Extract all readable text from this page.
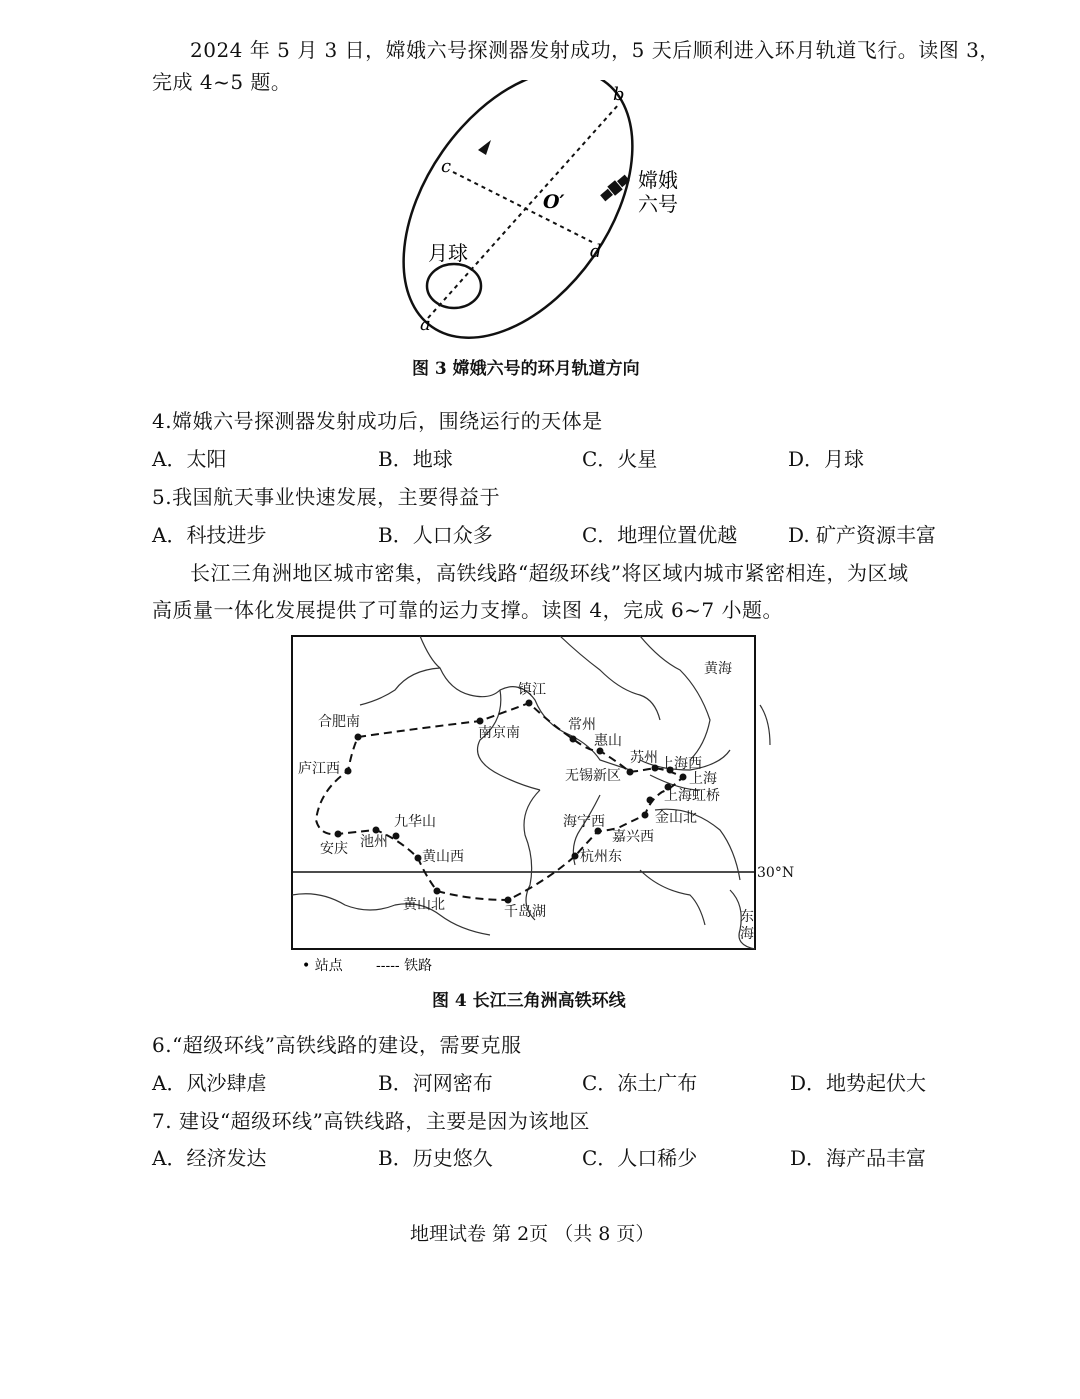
2024 年 5 月 3 日，嫦娥六号探测器发射成功，5 天后顺利进入环月轨道飞行。读图 3，
完成 4~5 题。
a
b
c
d
O′
月球
嫦娥
六号
图 3 嫦娥六号的环月轨道方向
4.嫦娥六号探测器发射成功后，围绕运行的天体是
A．太阳	B．地球	C．火星	D．月球
5.我国航天事业快速发展，主要得益于
A．科技进步	B．人口众多	C．地理位置优越	D. 矿产资源丰富
长江三角洲地区城市密集，高铁线路“超级环线”将区域内城市紧密相连，为区域
高质量一体化发展提供了可靠的运力支撑。读图 4，完成 6~7 小题。
合肥南
南京南
镇江
常州
惠山
苏州 上海西
上海
上海虹桥
无锡新区
金山北
海宁西
嘉兴西
杭州东
千岛湖
黄山北
黄山西
九华山
池州
安庆
庐江西
黄海
东
海
30°N
• 站点 ----- 铁路
图 4 长江三角洲高铁环线
6.“超级环线”高铁线路的建设，需要克服
A．风沙肆虐	B．河网密布	C．冻土广布	D．地势起伏大
7. 建设“超级环线”高铁线路，主要是因为该地区
A．经济发达	B．历史悠久	C．人口稀少	D．海产品丰富
地理试卷 第 2页 （共 8 页）
